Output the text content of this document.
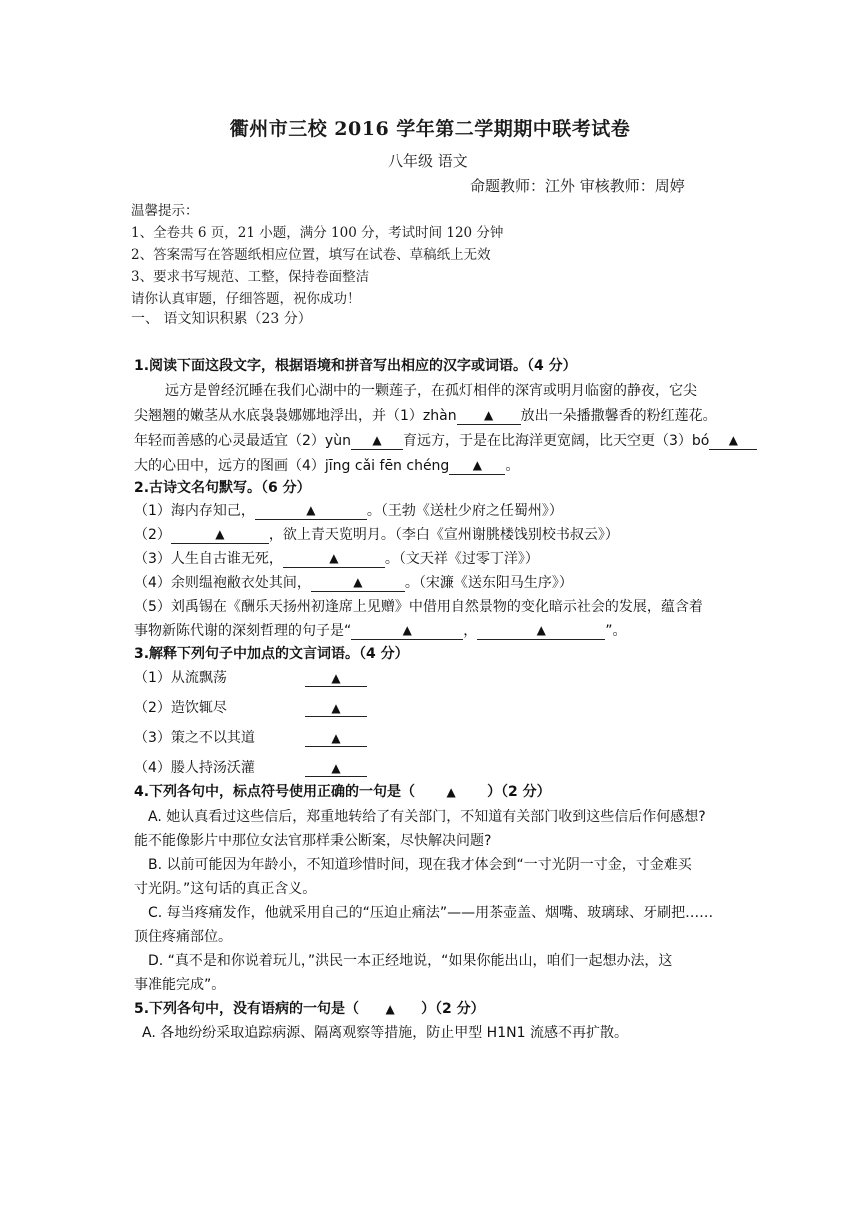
衢州市三校 2016 学年第二学期期中联考试卷
八年级 语文
命题教师：江外 审核教师：周婷
温馨提示：
1、全卷共 6 页，21 小题，满分 100 分，考试时间 120 分钟
2、答案需写在答题纸相应位置，填写在试卷、草稿纸上无效
3、要求书写规范、工整，保持卷面整洁
请你认真审题，仔细答题，祝你成功！
一、 语文知识积累（23 分）
1.阅读下面这段文字，根据语境和拼音写出相应的汉字或词语。（4 分）
远方是曾经沉睡在我们心湖中的一颗莲子，在孤灯相伴的深宵或明月临窗的静夜，它尖
尖翘翘的嫩茎从水底袅袅娜娜地浮出，并（1）zhàn ▲ 放出一朵播撒馨香的粉红莲花。
年轻而善感的心灵最适宜（2）yùn ▲ 育远方，于是在比海洋更宽阔，比天空更（3）bó ▲
大的心田中，远方的图画（4）jīng cǎi fēn chéng ▲ 。
2.古诗文名句默写。（6 分）
（1）海内存知己，	▲	。（王勃《送杜少府之任蜀州》）
（2）	▲	，欲上青天览明月。（李白《宣州谢朓楼饯别校书叔云》）
（3）人生自古谁无死，	▲	。（文天祥《过零丁洋》）
（4）余则缊袍敝衣处其间，	▲	。（宋濂《送东阳马生序》）
（5）刘禹锡在《酬乐天扬州初逢席上见赠》中借用自然景物的变化暗示社会的发展，蕴含着
事物新陈代谢的深刻哲理的句子是“	▲	，	▲	”。
3.解释下列句子中加点的文言词语。（4 分）
（1）从流飘荡	▲
（2）造饮辄尽	▲
（3）策之不以其道	▲
（4）媵人持汤沃灌	▲
4.下列各句中，标点符号使用正确的一句是（	▲ ）（2 分）
A. 她认真看过这些信后，郑重地转给了有关部门，不知道有关部门收到这些信后作何感想?
能不能像影片中那位女法官那样秉公断案，尽快解决问题?
B. 以前可能因为年龄小，不知道珍惜时间，现在我才体会到“一寸光阴一寸金，寸金难买
寸光阴。”这句话的真正含义。
C. 每当疼痛发作，他就采用自己的“压迫止痛法”——用茶壶盖、烟嘴、玻璃球、牙刷把……
顶住疼痛部位。
D. “真不是和你说着玩儿，”洪民一本正经地说，“如果你能出山，咱们一起想办法，这
事准能完成”。
5.下列各句中，没有语病的一句是（ ▲ ）（2 分）
A. 各地纷纷采取追踪病源、隔离观察等措施，防止甲型 H1N1 流感不再扩散。
